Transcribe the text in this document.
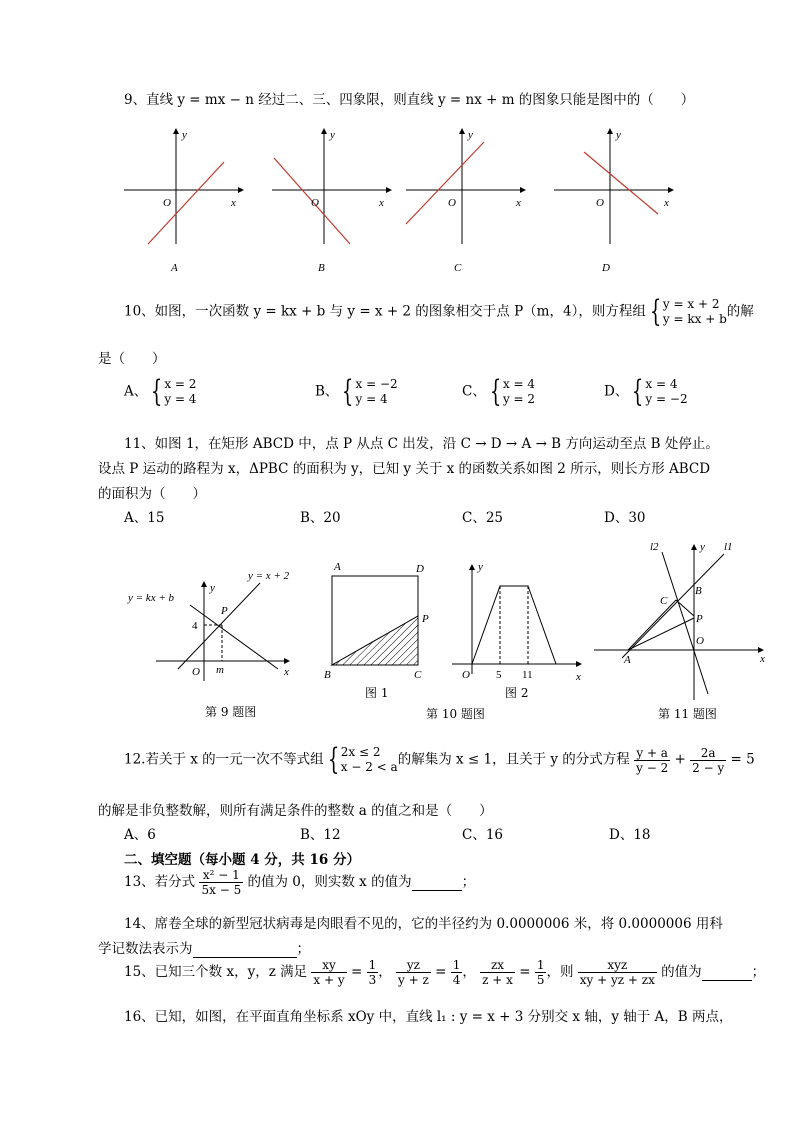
9、直线 y = mx − n 经过二、三、四象限，则直线 y = nx + m 的图象只能是图中的（　　）
y
x
O
A
y
x
O
B
y
x
O
C
y
x
O
D
10、如图，一次函数 y = kx + b 与 y = x + 2 的图象相交于点 P（m，4），则方程组 { y = x + 2
y = kx + b 的解
是（　　）
A、 { x = 2
y = 4	B、 { x = −2
y = 4	C、 { x = 4
y = 2	D、 { x = 4
y = −2
11、如图 1，在矩形 ABCD 中，点 P 从点 C 出发，沿 C → D → A → B 方向运动至点 B 处停止。
设点 P 运动的路程为 x，ΔPBC 的面积为 y，已知 y 关于 x 的函数关系如图 2 所示，则长方形 ABCD
的面积为（　　）
A、15	B、20	C、25	D、30
y = kx + b
y = x + 2
P
4
m
O	x
y
第 9 题图
A	D
B	C
P
图 1
y
O 5 11	x
图 2
第 10 题图
l2	l1
y
B
C
P
O
A	x
第 11 题图
12.若关于 x 的一元一次不等式组 { 2x ≤ 2
x − 2 < a 的解集为 x ≤ 1，且关于 y 的分式方程 $\frac{y + a}{y - 2} + \frac{2a}{2 - y} = 5$
的解是非负整数解，则所有满足条件的整数 a 的值之和是（　　）
A、6	B、12	C、16	D、18
二、填空题（每小题 4 分，共 16 分）
13、若分式 $\frac{\text{x² − 1}}{5x - 5}$ 的值为 0，则实数 x 的值为	；
14、席卷全球的新型冠状病毒是肉眼看不见的，它的半径约为 0.0000006 米，将 0.0000006 用科
学记数法表示为	；
15、已知三个数 x，y，z 满足 $\frac{xy}{x + y} = \frac{1}{3}$ ， $\frac{yz}{y + z} = \frac{1}{4}$ ， $\frac{zx}{z + x} = \frac{1}{5}$ ，则 $\frac{\text{xyz}}{xy + yz + zx}$ 的值为	；
16、已知，如图，在平面直角坐标系 xOy 中，直线 l₁ : y = x + 3 分别交 x 轴，y 轴于 A，B 两点，
